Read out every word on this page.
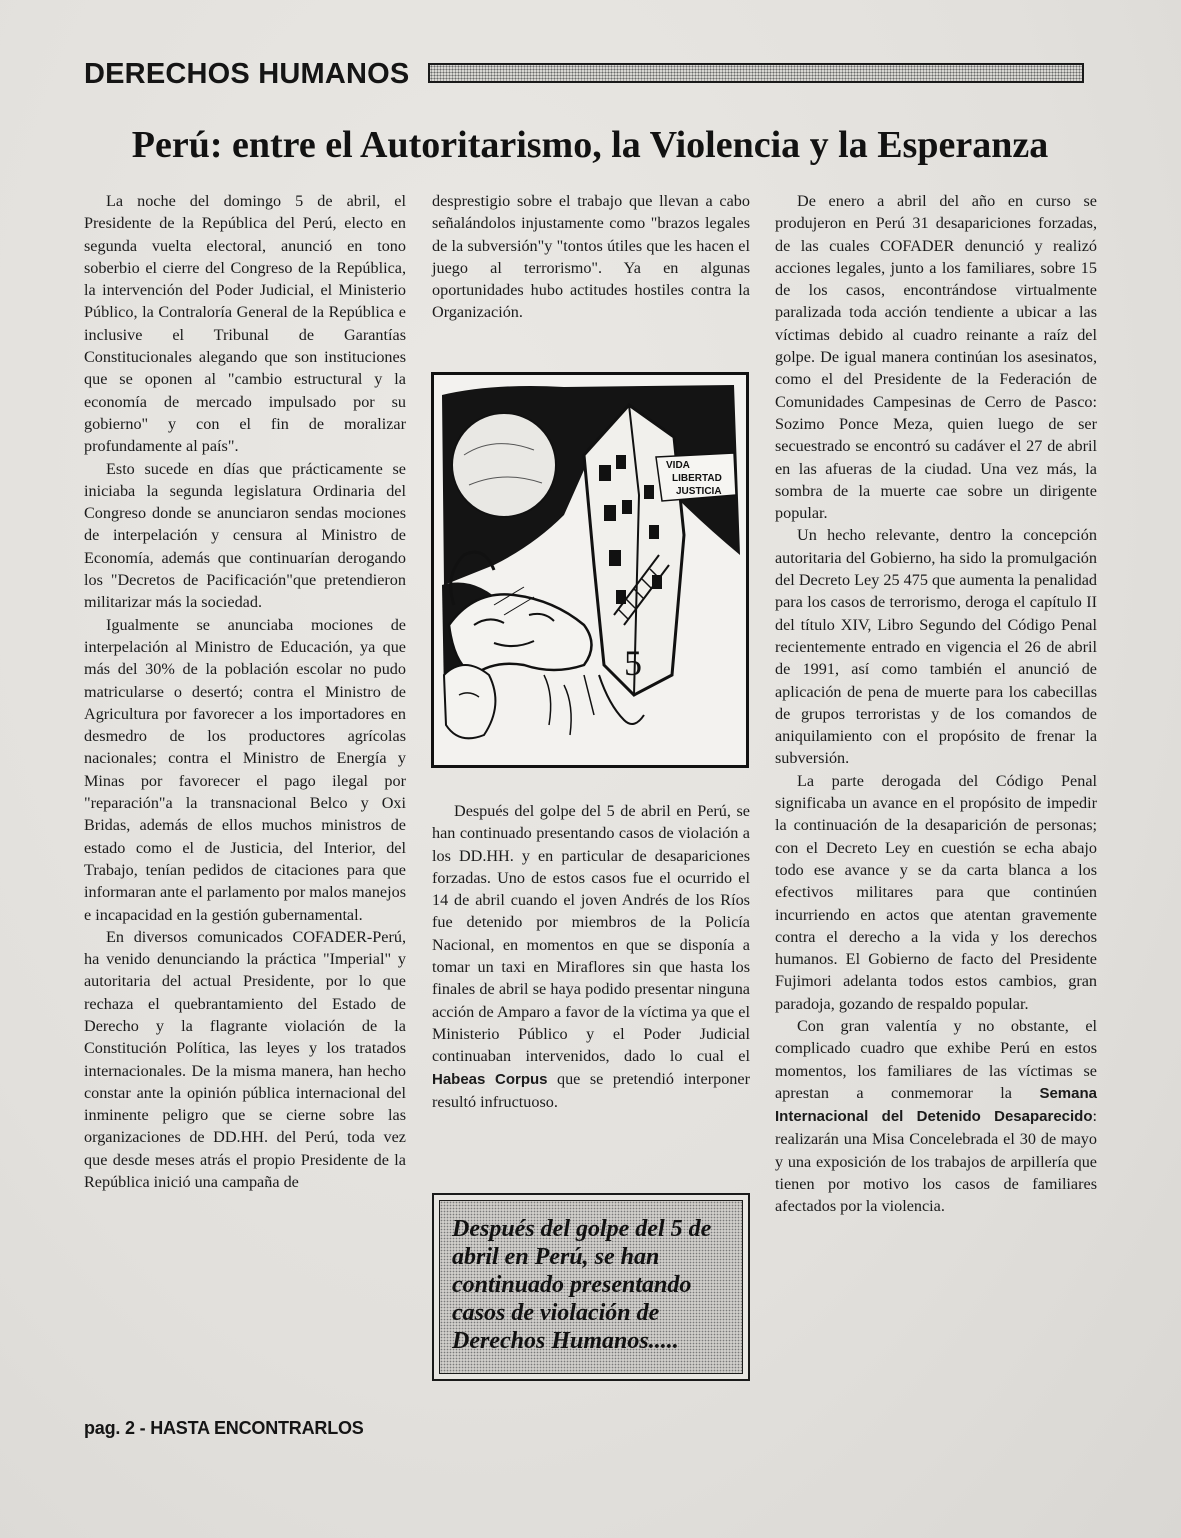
DERECHOS HUMANOS
Perú: entre el Autoritarismo, la Violencia y la Esperanza

La noche del domingo 5 de abril, el Presidente de la República del Perú, electo en segunda vuelta electoral, anunció en tono soberbio el cierre del Congreso de la República, la intervención del Poder Judicial, el Ministerio Público, la Contraloría General de la República e inclusive el Tribunal de Garantías Constitucionales alegando que son instituciones que se oponen al "cambio estructural y la economía de mercado impulsado por su gobierno" y con el fin de moralizar profundamente al país".

Esto sucede en días que prácticamente se iniciaba la segunda legislatura Ordinaria del Congreso donde se anunciaron sendas mociones de interpelación y censura al Ministro de Economía, además que continuarían derogando los "Decretos de Pacificación"que pretendieron militarizar más la sociedad.

Igualmente se anunciaba mociones de interpelación al Ministro de Educación, ya que más del 30% de la población escolar no pudo matricularse o desertó; contra el Ministro de Agricultura por favorecer a los importadores en desmedro de los productores agrícolas nacionales; contra el Ministro de Energía y Minas por favorecer el pago ilegal por "reparación"a la transnacional Belco y Oxi Bridas, además de ellos muchos ministros de estado como el de Justicia, del Interior, del Trabajo, tenían pedidos de citaciones para que informaran ante el parlamento por malos manejos e incapacidad en la gestión gubernamental.

En diversos comunicados COFADER-Perú, ha venido denunciando la práctica "Imperial" y autoritaria del actual Presidente, por lo que rechaza el quebrantamiento del Estado de Derecho y la flagrante violación de la Constitución Política, las leyes y los tratados internacionales. De la misma manera, han hecho constar ante la opinión pública internacional del inminente peligro que se cierne sobre las organizaciones de DD.HH. del Perú, toda vez que desde meses atrás el propio Presidente de la República inició una campaña de

desprestigio sobre el trabajo que llevan a cabo señalándolos injustamente como "brazos legales de la subversión"y "tontos útiles que les hacen el juego al terrorismo". Ya en algunas oportunidades hubo actitudes hostiles contra la Organización.

VIDA
LIBERTAD
JUSTICIA
5

Después del golpe del 5 de abril en Perú, se han continuado presentando casos de violación a los DD.HH. y en particular de desapariciones forzadas. Uno de estos casos fue el ocurrido el 14 de abril cuando el joven Andrés de los Ríos fue detenido por miembros de la Policía Nacional, en momentos en que se disponía a tomar un taxi en Miraflores sin que hasta los finales de abril se haya podido presentar ninguna acción de Amparo a favor de la víctima ya que el Ministerio Público y el Poder Judicial continuaban intervenidos, dado lo cual el Habeas Corpus que se pretendió interponer resultó infructuoso.

Después del golpe del 5 de abril en Perú, se han continuado presentando casos de violación de Derechos Humanos.....

De enero a abril del año en curso se produjeron en Perú 31 desapariciones forzadas, de las cuales COFADER denunció y realizó acciones legales, junto a los familiares, sobre 15 de los casos, encontrándose virtualmente paralizada toda acción tendiente a ubicar a las víctimas debido al cuadro reinante a raíz del golpe. De igual manera continúan los asesinatos, como el del Presidente de la Federación de Comunidades Campesinas de Cerro de Pasco: Sozimo Ponce Meza, quien luego de ser secuestrado se encontró su cadáver el 27 de abril en las afueras de la ciudad. Una vez más, la sombra de la muerte cae sobre un dirigente popular.

Un hecho relevante, dentro la concepción autoritaria del Gobierno, ha sido la promulgación del Decreto Ley 25 475 que aumenta la penalidad para los casos de terrorismo, deroga el capítulo II del título XIV, Libro Segundo del Código Penal recientemente entrado en vigencia el 26 de abril de 1991, así como también el anunció de aplicación de pena de muerte para los cabecillas de grupos terroristas y de los comandos de aniquilamiento con el propósito de frenar la subversión.

La parte derogada del Código Penal significaba un avance en el propósito de impedir la continuación de la desaparición de personas; con el Decreto Ley en cuestión se echa abajo todo ese avance y se da carta blanca a los efectivos militares para que continúen incurriendo en actos que atentan gravemente contra el derecho a la vida y los derechos humanos. El Gobierno de facto del Presidente Fujimori adelanta todos estos cambios, gran paradoja, gozando de respaldo popular.

Con gran valentía y no obstante, el complicado cuadro que exhibe Perú en estos momentos, los familiares de las víctimas se aprestan a conmemorar la Semana Internacional del Detenido Desaparecido: realizarán una Misa Concelebrada el 30 de mayo y una exposición de los trabajos de arpillería que tienen por motivo los casos de familiares afectados por la violencia.

pag. 2 - HASTA ENCONTRARLOS
